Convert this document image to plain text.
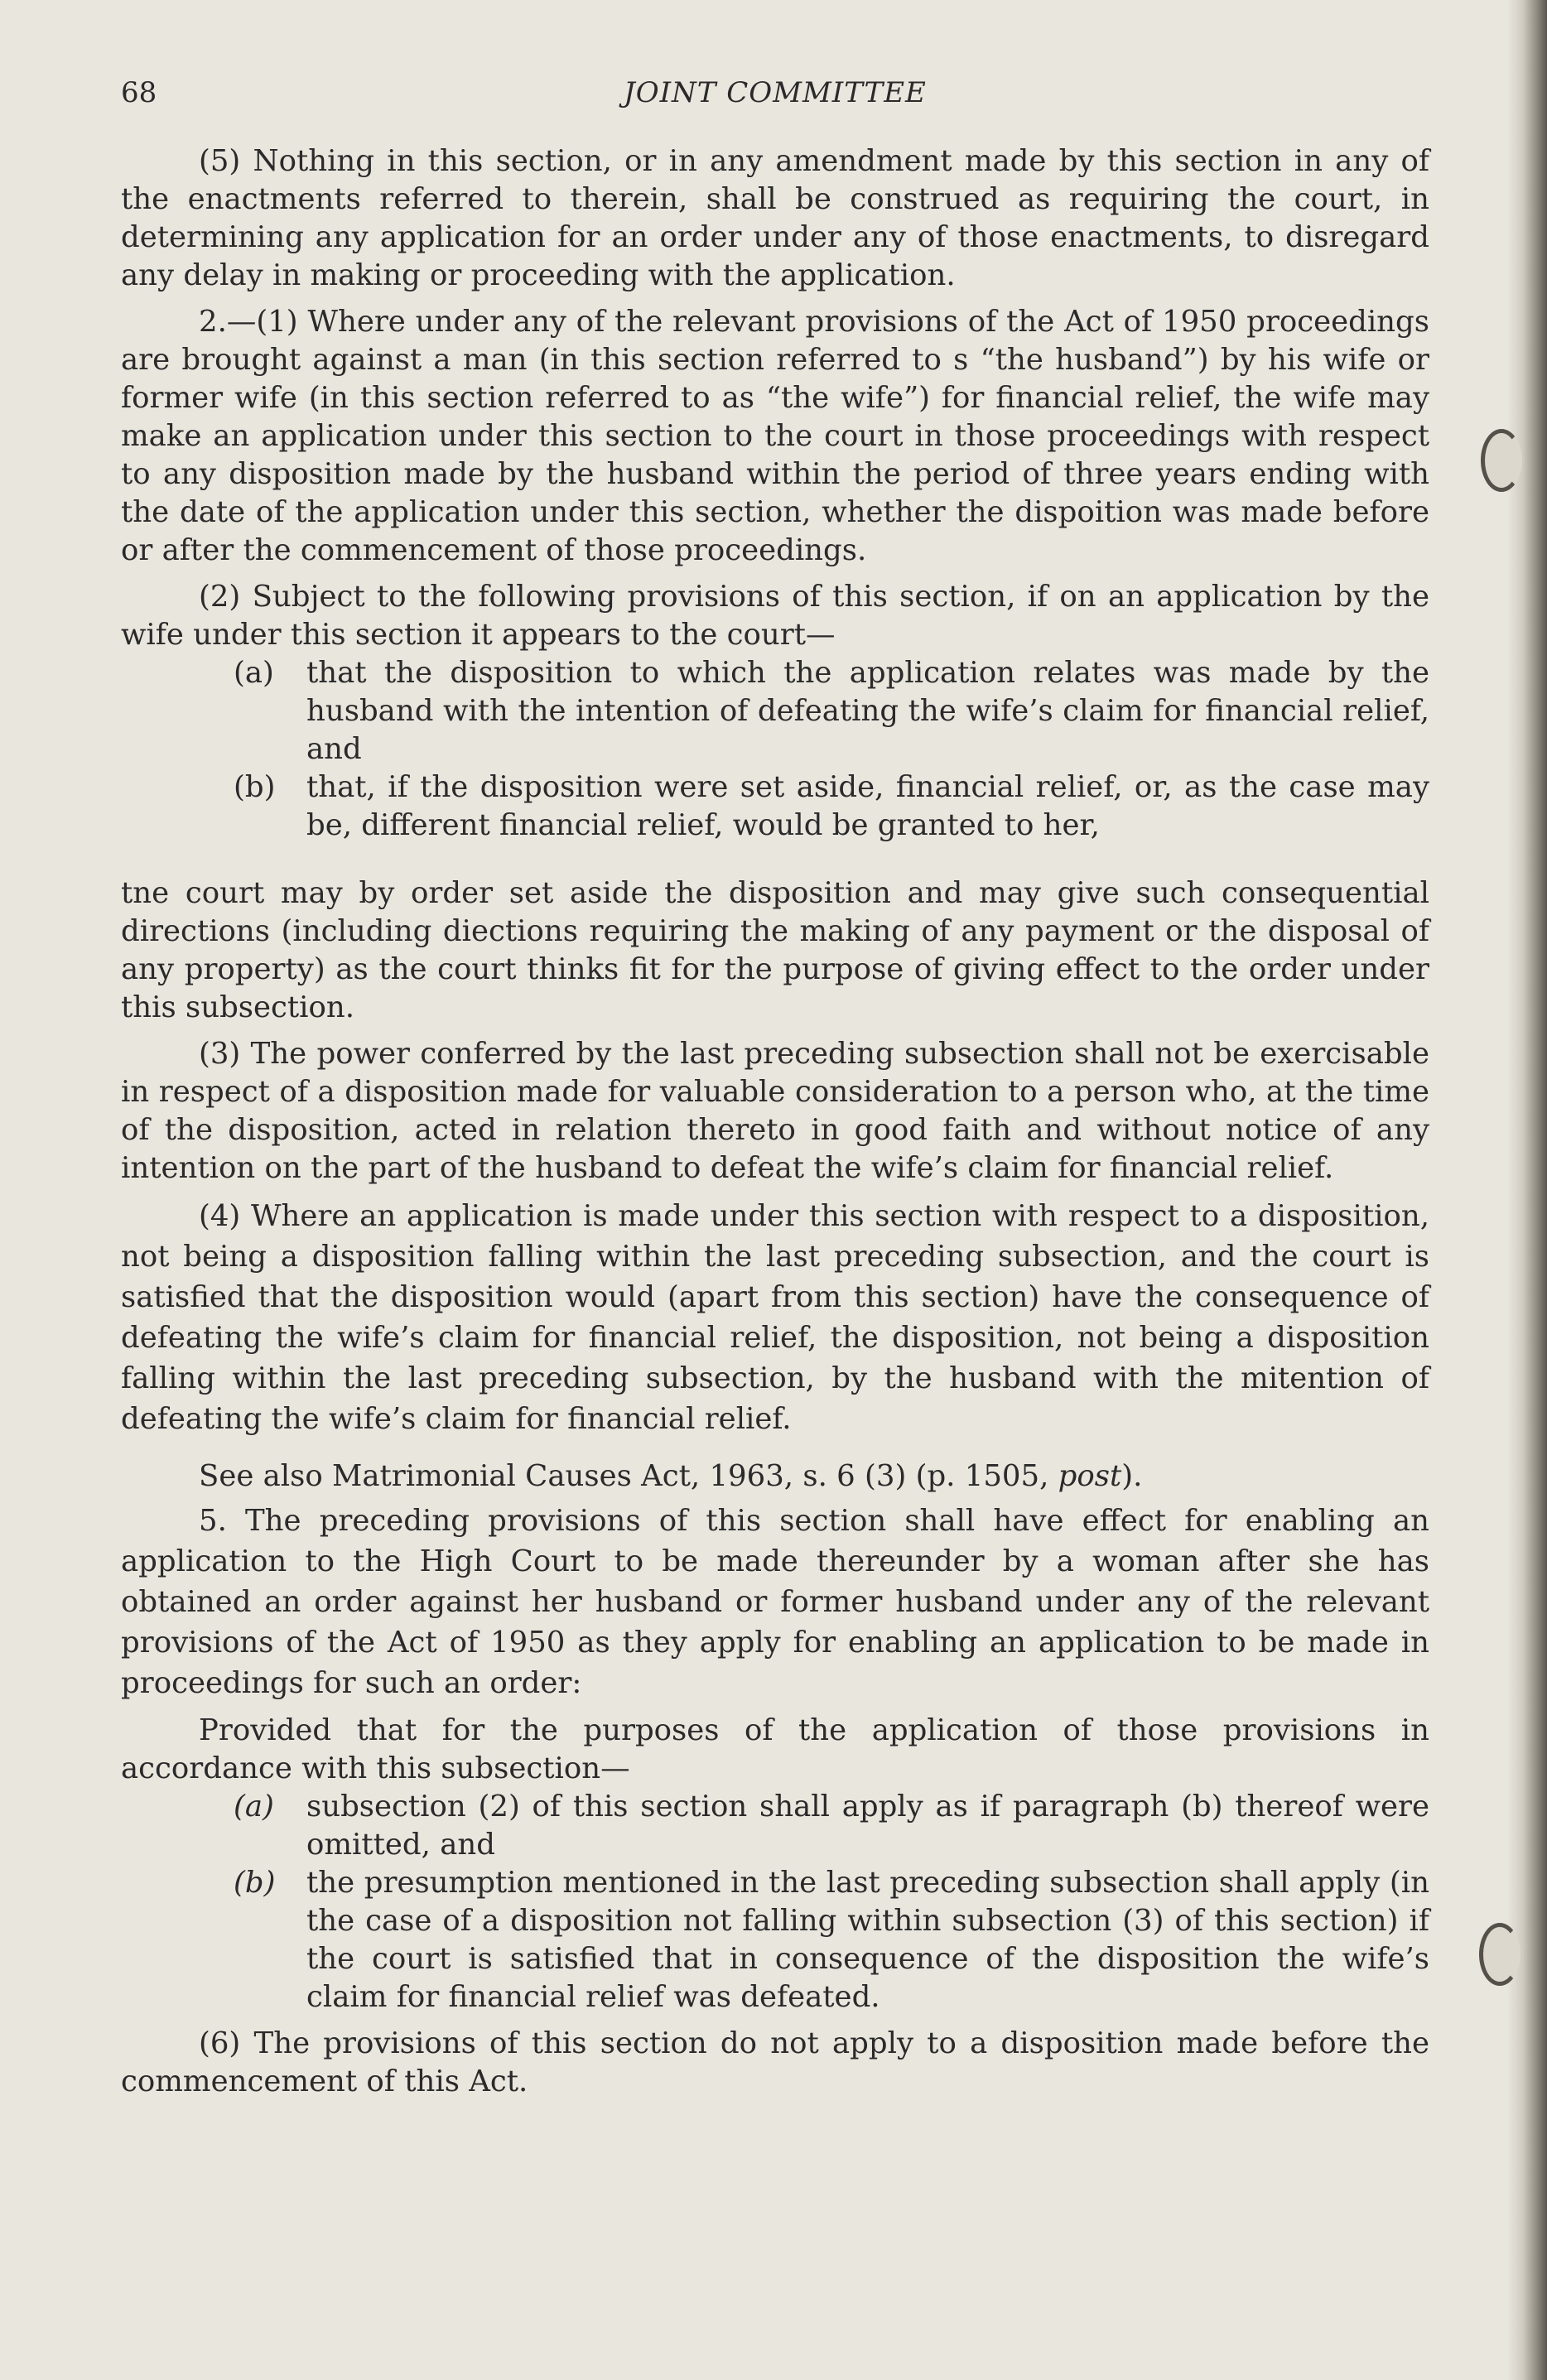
68	JOINT COMMITTEE

(5) Nothing in this section, or in any amendment made by this section in any of the enactments referred to therein, shall be construed as requiring the court, in determining any application for an order under any of those enactments, to disregard any delay in making or proceeding with the application.

2.—(1) Where under any of the relevant provisions of the Act of 1950 proceedings are brought against a man (in this section referred to s “the husband”) by his wife or former wife (in this section referred to as “the wife”) for financial relief, the wife may make an application under this section to the court in those proceedings with respect to any disposition made by the husband within the period of three years ending with the date of the application under this section, whether the dispoition was made before or after the commencement of those proceedings.

(2) Subject to the following provisions of this section, if on an application by the wife under this section it appears to the court—

(a)	that the disposition to which the application relates was made by the husband with the intention of defeating the wife’s claim for financial relief, and
(b)	that, if the disposition were set aside, financial relief, or, as the case may be, different financial relief, would be granted to her,

tne court may by order set aside the disposition and may give such consequential directions (including diections requiring the making of any payment or the disposal of any property) as the court thinks fit for the purpose of giving effect to the order under this subsection.

(3) The power conferred by the last preceding subsection shall not be exercisable in respect of a disposition made for valuable consideration to a person who, at the time of the disposition, acted in relation thereto in good faith and without notice of any intention on the part of the husband to defeat the wife’s claim for financial relief.

(4) Where an application is made under this section with respect to a disposition, not being a disposition falling within the last preceding subsection, and the court is satisfied that the disposition would (apart from this section) have the consequence of defeating the wife’s claim for financial relief, the disposition, not being a disposition falling within the last preceding subsection, by the husband with the mitention of defeating the wife’s claim for financial relief.

See also Matrimonial Causes Act, 1963, s. 6 (3) (p. 1505, post).

5. The preceding provisions of this section shall have effect for enabling an application to the High Court to be made thereunder by a woman after she has obtained an order against her husband or former husband under any of the relevant provisions of the Act of 1950 as they apply for enabling an application to be made in proceedings for such an order:

Provided that for the purposes of the application of those provisions in accordance with this subsection—

(a)	subsection (2) of this section shall apply as if paragraph (b) thereof were omitted, and
(b)	the presumption mentioned in the last preceding subsection shall apply (in the case of a disposition not falling within subsection (3) of this section) if the court is satisfied that in consequence of the disposition the wife’s claim for financial relief was defeated.

(6) The provisions of this section do not apply to a disposition made before the commencement of this Act.
